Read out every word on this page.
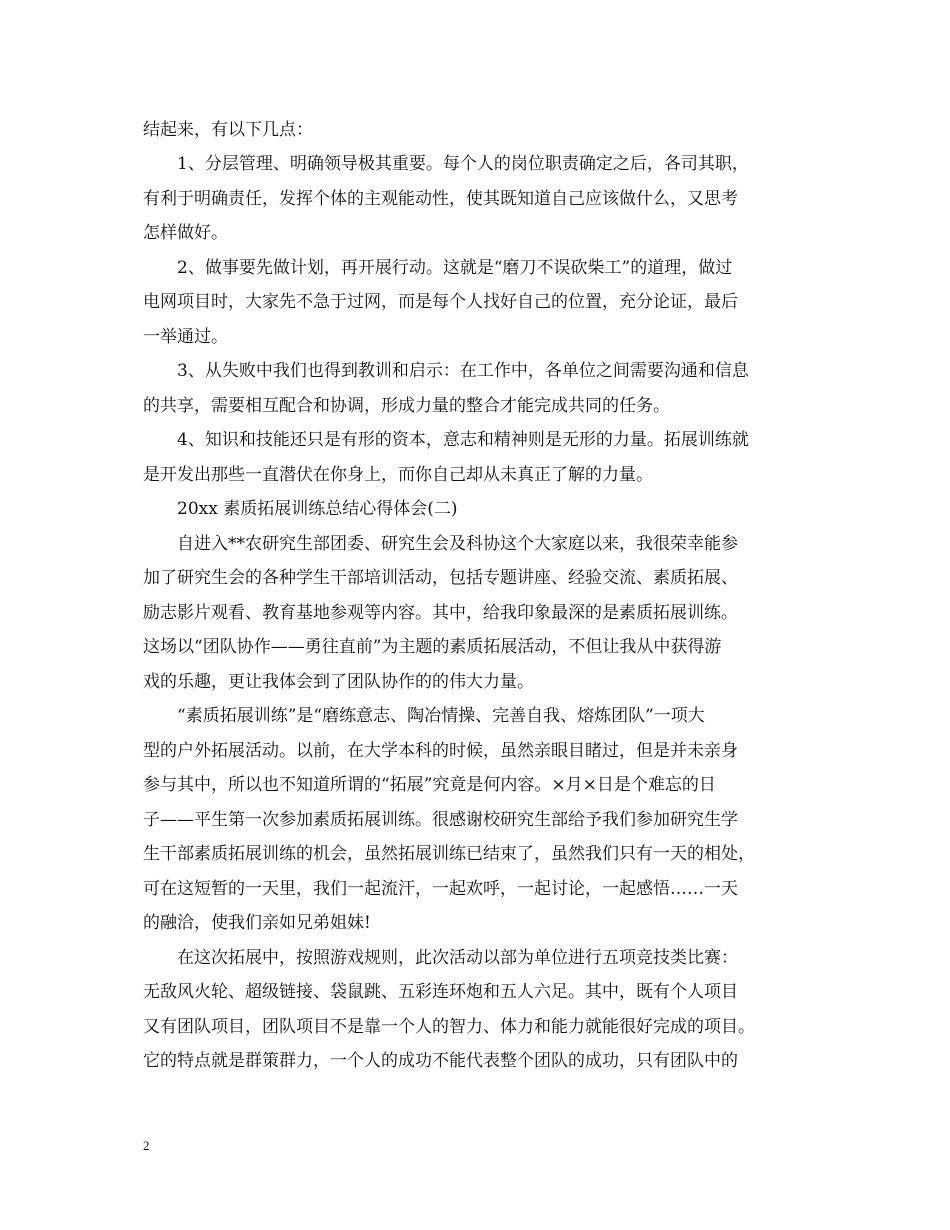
结起来，有以下几点：
1、分层管理、明确领导极其重要。每个人的岗位职责确定之后，各司其职，
有利于明确责任，发挥个体的主观能动性，使其既知道自己应该做什么，又思考
怎样做好。
2、做事要先做计划，再开展行动。这就是“磨刀不误砍柴工”的道理，做过
电网项目时，大家先不急于过网，而是每个人找好自己的位置，充分论证，最后
一举通过。
3、从失败中我们也得到教训和启示：在工作中，各单位之间需要沟通和信息
的共享，需要相互配合和协调，形成力量的整合才能完成共同的任务。
4、知识和技能还只是有形的资本，意志和精神则是无形的力量。拓展训练就
是开发出那些一直潜伏在你身上，而你自己却从未真正了解的力量。
20xx 素质拓展训练总结心得体会(二)
自进入**农研究生部团委、研究生会及科协这个大家庭以来，我很荣幸能参
加了研究生会的各种学生干部培训活动，包括专题讲座、经验交流、素质拓展、
励志影片观看、教育基地参观等内容。其中，给我印象最深的是素质拓展训练。
这场以“团队协作——勇往直前”为主题的素质拓展活动，不但让我从中获得游
戏的乐趣，更让我体会到了团队协作的的伟大力量。
“素质拓展训练”是“磨练意志、陶冶情操、完善自我、熔炼团队”一项大
型的户外拓展活动。以前，在大学本科的时候，虽然亲眼目睹过，但是并未亲身
参与其中，所以也不知道所谓的“拓展”究竟是何内容。×月×日是个难忘的日
子——平生第一次参加素质拓展训练。很感谢校研究生部给予我们参加研究生学
生干部素质拓展训练的机会，虽然拓展训练已结束了，虽然我们只有一天的相处，
可在这短暂的一天里，我们一起流汗，一起欢呼，一起讨论，一起感悟……一天
的融洽，使我们亲如兄弟姐妹!
在这次拓展中，按照游戏规则，此次活动以部为单位进行五项竞技类比赛：
无敌风火轮、超级链接、袋鼠跳、五彩连环炮和五人六足。其中，既有个人项目
又有团队项目，团队项目不是靠一个人的智力、体力和能力就能很好完成的项目。
它的特点就是群策群力，一个人的成功不能代表整个团队的成功，只有团队中的
2
